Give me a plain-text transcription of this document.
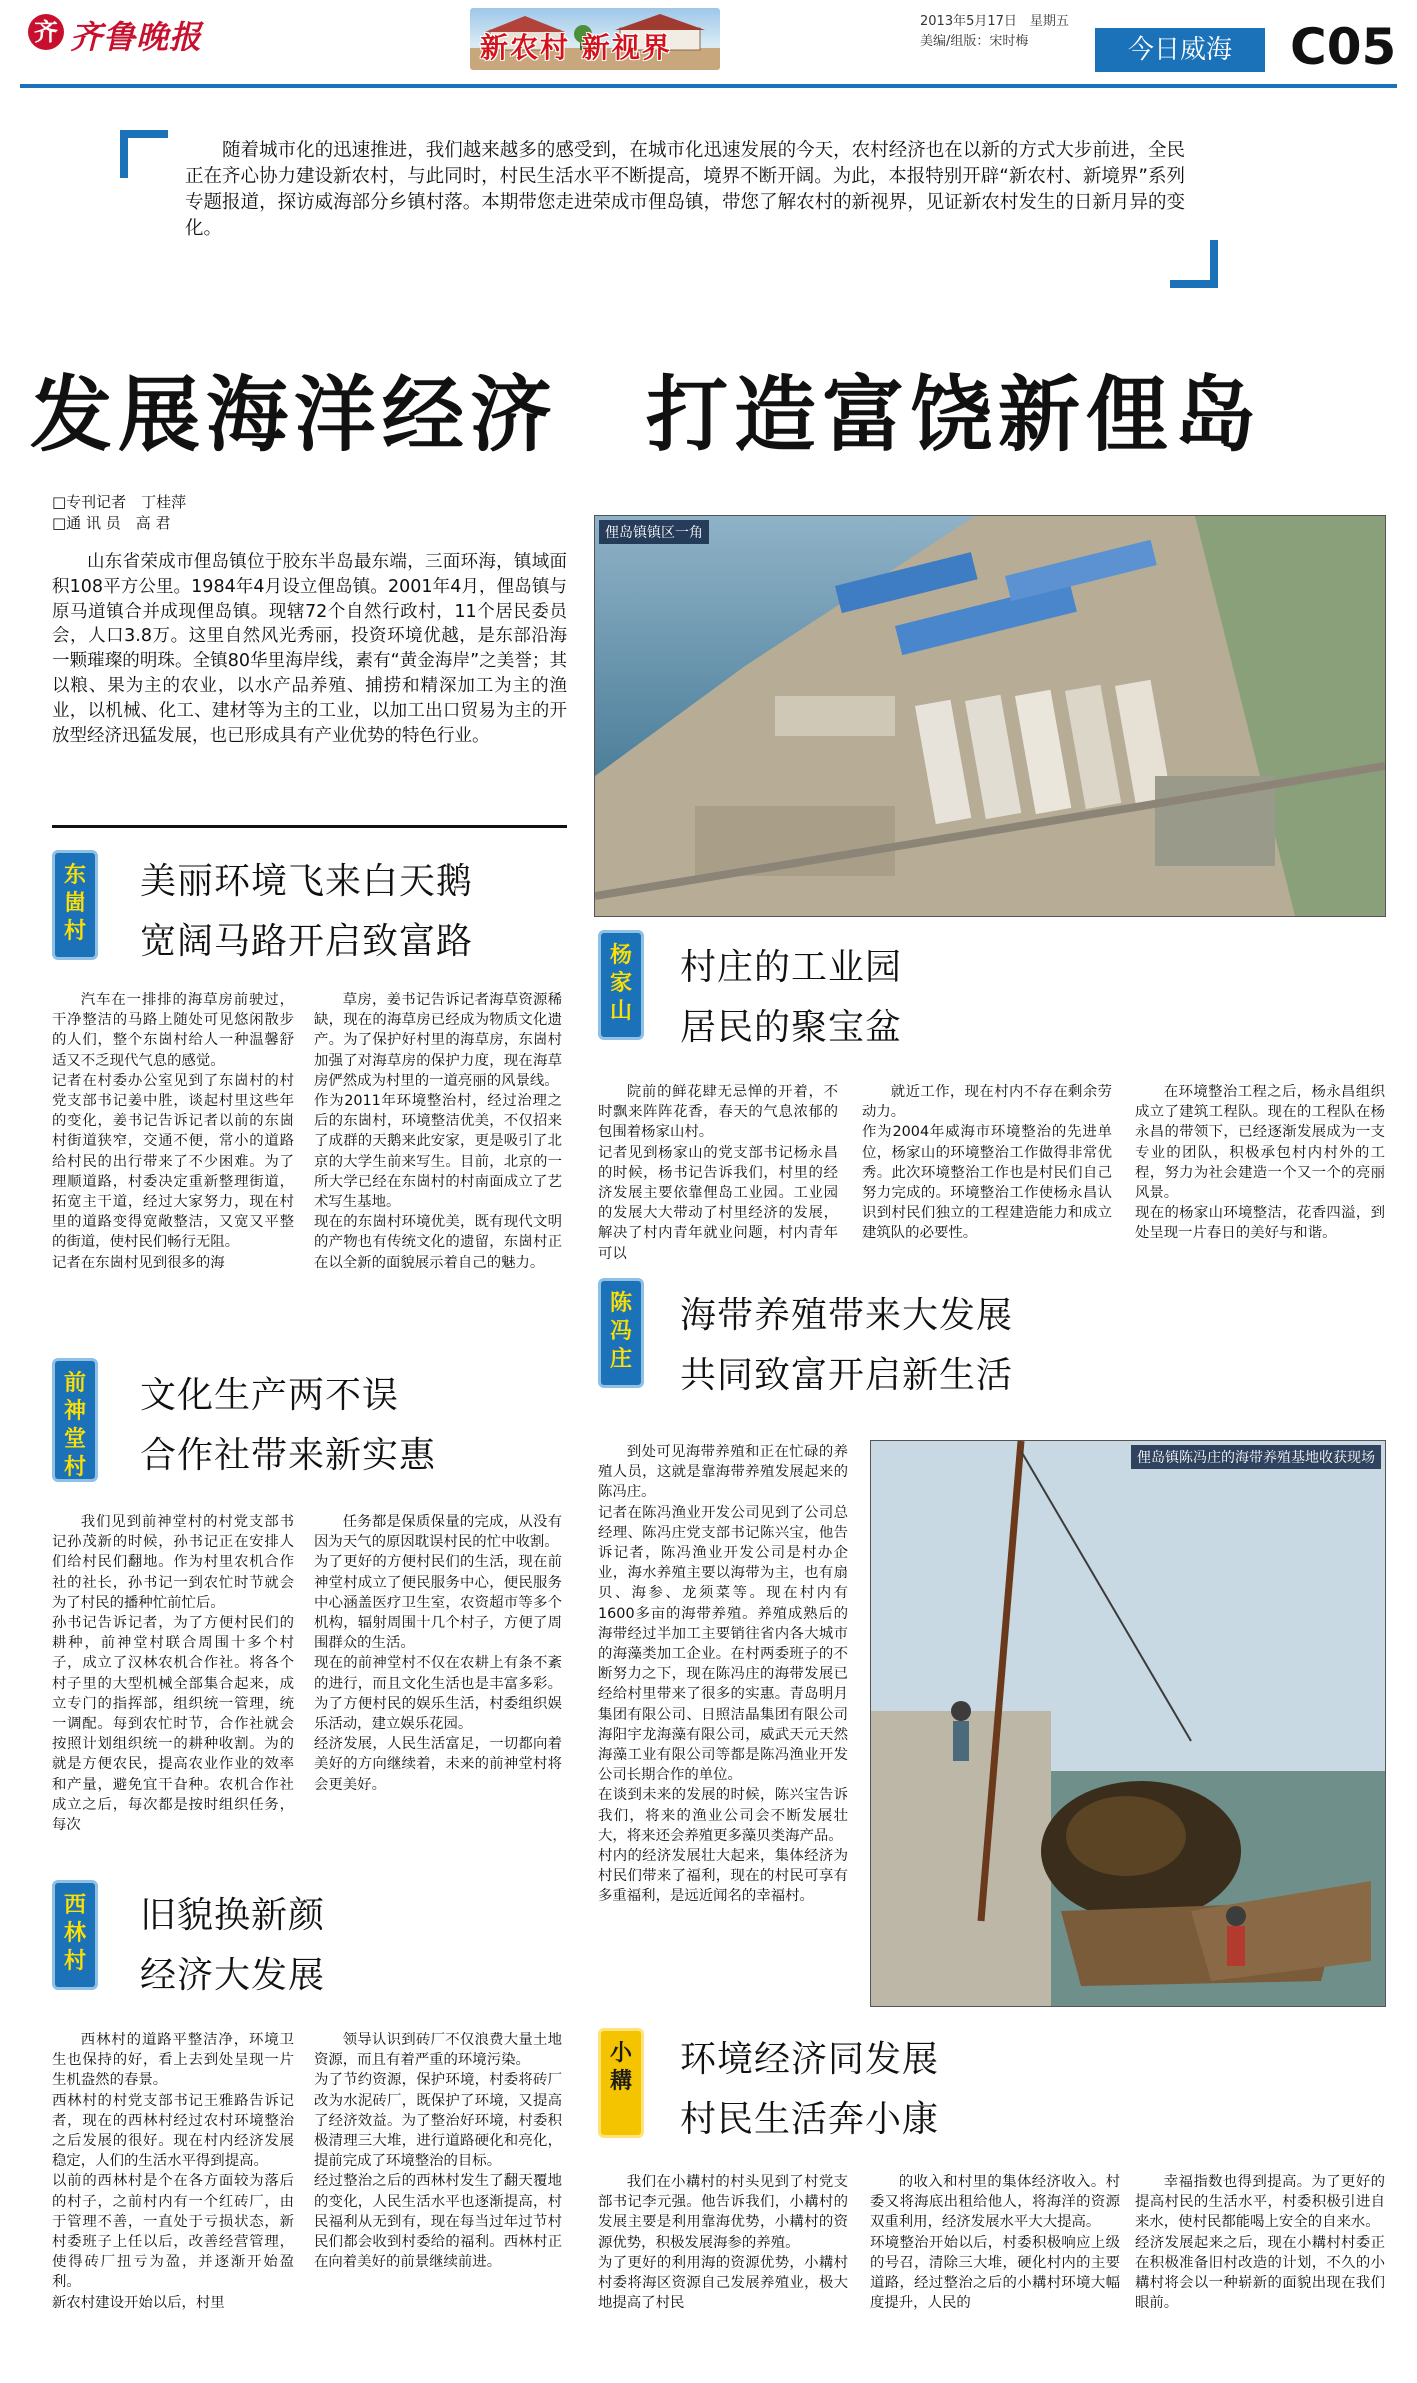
齐 齐鲁晚报	新农村 新视界
2013年5月17日　星期五
美编/组版：宋时梅	今日威海	C05
随着城市化的迅速推进，我们越来越多的感受到，在城市化迅速发展的今天，农村经济也在以新的方式大步前进，全民正在齐心协力建设新农村，与此同时，村民生活水平不断提高，境界不断开阔。为此，本报特别开辟“新农村、新境界”系列专题报道，探访威海部分乡镇村落。本期带您走进荣成市俚岛镇，带您了解农村的新视界，见证新农村发生的日新月异的变化。
发展海洋经济　打造富饶新俚岛
□专刊记者　丁桂萍
□通 讯 员　高 君
山东省荣成市俚岛镇位于胶东半岛最东端，三面环海，镇域面积108平方公里。1984年4月设立俚岛镇。2001年4月，俚岛镇与原马道镇合并成现俚岛镇。现辖72个自然行政村，11个居民委员会，人口3.8万。这里自然风光秀丽，投资环境优越，是东部沿海一颗璀璨的明珠。全镇80华里海岸线，素有“黄金海岸”之美誉；其以粮、果为主的农业，以水产品养殖、捕捞和精深加工为主的渔业，以机械、化工、建材等为主的工业，以加工出口贸易为主的开放型经济迅猛发展，也已形成具有产业优势的特色行业。
俚岛镇镇区一角
东崮村
美丽环境飞来白天鹅
宽阔马路开启致富路
汽车在一排排的海草房前驶过，干净整洁的马路上随处可见悠闲散步的人们，整个东崮村给人一种温馨舒适又不乏现代气息的感觉。
记者在村委办公室见到了东崮村的村党支部书记姜中胜，谈起村里这些年的变化，姜书记告诉记者以前的东崮村街道狭窄，交通不便，常小的道路给村民的出行带来了不少困难。为了理顺道路，村委决定重新整理街道，拓宽主干道，经过大家努力，现在村里的道路变得宽敞整洁，又宽又平整的街道，使村民们畅行无阻。
记者在东崮村见到很多的海
草房，姜书记告诉记者海草资源稀缺，现在的海草房已经成为物质文化遗产。为了保护好村里的海草房，东崮村加强了对海草房的保护力度，现在海草房俨然成为村里的一道亮丽的风景线。
作为2011年环境整治村，经过治理之后的东崮村，环境整洁优美，不仅招来了成群的天鹅来此安家，更是吸引了北京的大学生前来写生。目前，北京的一所大学已经在东崮村的村南面成立了艺术写生基地。
现在的东崮村环境优美，既有现代文明的产物也有传统文化的遗留，东崮村正在以全新的面貌展示着自己的魅力。
前神堂村
文化生产两不误
合作社带来新实惠
我们见到前神堂村的村党支部书记孙茂新的时候，孙书记正在安排人们给村民们翻地。作为村里农机合作社的社长，孙书记一到农忙时节就会为了村民的播种忙前忙后。
孙书记告诉记者，为了方便村民们的耕种，前神堂村联合周围十多个村子，成立了汉林农机合作社。将各个村子里的大型机械全部集合起来，成立专门的指挥部，组织统一管理，统一调配。每到农忙时节，合作社就会按照计划组织统一的耕种收割。为的就是方便农民，提高农业作业的效率和产量，避免宜干旮种。农机合作社成立之后，每次都是按时组织任务，每次
任务都是保质保量的完成，从没有因为天气的原因耽误村民的忙中收割。
为了更好的方便村民们的生活，现在前神堂村成立了便民服务中心，便民服务中心涵盖医疗卫生室，农资超市等多个机构，辐射周围十几个村子，方便了周围群众的生活。
现在的前神堂村不仅在农耕上有条不紊的进行，而且文化生活也是丰富多彩。为了方便村民的娱乐生活，村委组织娱乐活动，建立娱乐花园。
经济发展，人民生活富足，一切都向着美好的方向继续着，未来的前神堂村将会更美好。
西林村
旧貌换新颜
经济大发展
西林村的道路平整洁净，环境卫生也保持的好，看上去到处呈现一片生机盎然的春景。
西林村的村党支部书记王雅路告诉记者，现在的西林村经过农村环境整治之后发展的很好。现在村内经济发展稳定，人们的生活水平得到提高。
以前的西林村是个在各方面较为落后的村子，之前村内有一个红砖厂，由于管理不善，一直处于亏损状态，新村委班子上任以后，改善经营管理，使得砖厂扭亏为盈，并逐渐开始盈利。
新农村建设开始以后，村里
领导认识到砖厂不仅浪费大量土地资源，而且有着严重的环境污染。
为了节约资源，保护环境，村委将砖厂改为水泥砖厂，既保护了环境，又提高了经济效益。为了整治好环境，村委积极清理三大堆，进行道路硬化和亮化，提前完成了环境整治的目标。
经过整治之后的西林村发生了翻天覆地的变化，人民生活水平也逐渐提高，村民福利从无到有，现在每当过年过节村民们都会收到村委给的福利。西林村正在向着美好的前景继续前进。
杨家山
村庄的工业园
居民的聚宝盆
院前的鲜花肆无忌惮的开着，不时飘来阵阵花香，春天的气息浓郁的包围着杨家山村。
记者见到杨家山的党支部书记杨永昌的时候，杨书记告诉我们，村里的经济发展主要依靠俚岛工业园。工业园的发展大大带动了村里经济的发展，解决了村内青年就业问题，村内青年可以
就近工作，现在村内不存在剩余劳动力。
作为2004年威海市环境整治的先进单位，杨家山的环境整治工作做得非常优秀。此次环境整治工作也是村民们自己努力完成的。环境整治工作使杨永昌认识到村民们独立的工程建造能力和成立建筑队的必要性。
在环境整治工程之后，杨永昌组织成立了建筑工程队。现在的工程队在杨永昌的带领下，已经逐渐发展成为一支专业的团队，积极承包村内村外的工程，努力为社会建造一个又一个的亮丽风景。
现在的杨家山环境整洁，花香四溢，到处呈现一片春日的美好与和谐。
陈冯庄
海带养殖带来大发展
共同致富开启新生活
到处可见海带养殖和正在忙碌的养殖人员，这就是靠海带养殖发展起来的陈冯庄。
记者在陈冯渔业开发公司见到了公司总经理、陈冯庄党支部书记陈兴宝，他告诉记者，陈冯渔业开发公司是村办企业，海水养殖主要以海带为主，也有扇贝、海参、龙须菜等。现在村内有1600多亩的海带养殖。养殖成熟后的海带经过半加工主要销往省内各大城市的海藻类加工企业。在村两委班子的不断努力之下，现在陈冯庄的海带发展已经给村里带来了很多的实惠。青岛明月集团有限公司、日照洁晶集团有限公司海阳宇龙海藻有限公司，威武天元天然海藻工业有限公司等都是陈冯渔业开发公司长期合作的单位。
在谈到未来的发展的时候，陈兴宝告诉我们，将来的渔业公司会不断发展壮大，将来还会养殖更多藻贝类海产品。
村内的经济发展壮大起来，集体经济为村民们带来了福利，现在的村民可享有多重福利，是远近闻名的幸福村。
俚岛镇陈冯庄的海带养殖基地收获现场
小耩
环境经济同发展
村民生活奔小康
我们在小耩村的村头见到了村党支部书记李元强。他告诉我们，小耩村的发展主要是利用靠海优势，小耩村的资源优势，积极发展海参的养殖。
为了更好的利用海的资源优势，小耩村村委将海区资源自己发展养殖业，极大地提高了村民
的收入和村里的集体经济收入。村委又将海底出租给他人，将海洋的资源双重利用，经济发展水平大大提高。
环境整治开始以后，村委积极响应上级的号召，清除三大堆，硬化村内的主要道路，经过整治之后的小耩村环境大幅度提升，人民的
幸福指数也得到提高。为了更好的提高村民的生活水平，村委积极引进自来水，使村民都能喝上安全的自来水。
经济发展起来之后，现在小耩村村委正在积极准备旧村改造的计划，不久的小耩村将会以一种崭新的面貌出现在我们眼前。
